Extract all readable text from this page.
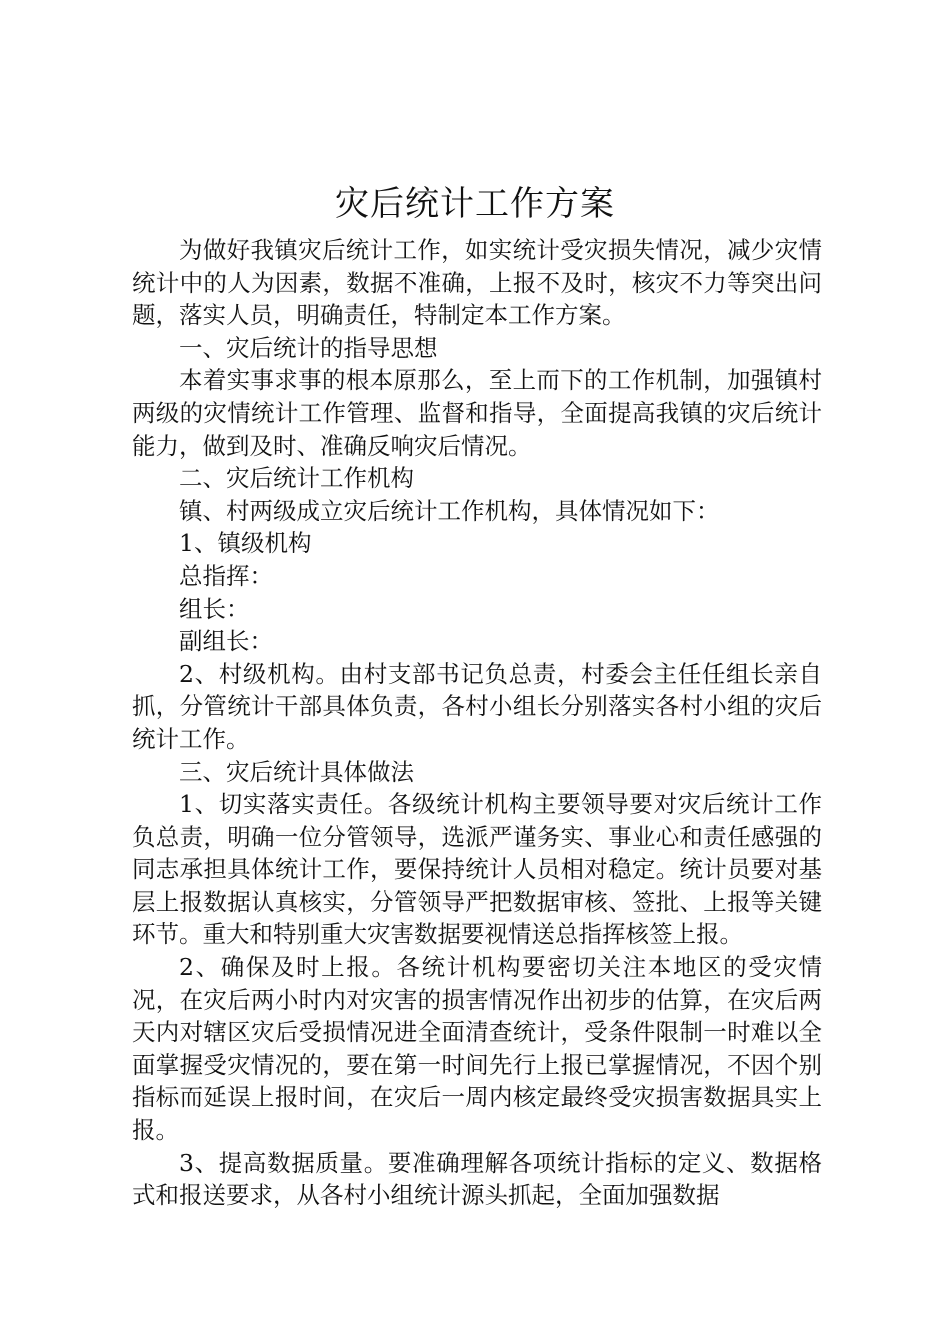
灾后统计工作方案

为做好我镇灾后统计工作，如实统计受灾损失情况，减少灾情统计中的人为因素，数据不准确，上报不及时，核灾不力等突出问题，落实人员，明确责任，特制定本工作方案。

一、灾后统计的指导思想

本着实事求事的根本原那么，至上而下的工作机制，加强镇村两级的灾情统计工作管理、监督和指导，全面提高我镇的灾后统计能力，做到及时、准确反响灾后情况。

二、灾后统计工作机构

镇、村两级成立灾后统计工作机构，具体情况如下：

1、镇级机构

总指挥：

组长：

副组长：

2、村级机构。由村支部书记负总责，村委会主任任组长亲自抓，分管统计干部具体负责，各村小组长分别落实各村小组的灾后统计工作。

三、灾后统计具体做法

1、切实落实责任。各级统计机构主要领导要对灾后统计工作负总责，明确一位分管领导，选派严谨务实、事业心和责任感强的同志承担具体统计工作，要保持统计人员相对稳定。统计员要对基层上报数据认真核实，分管领导严把数据审核、签批、上报等关键环节。重大和特别重大灾害数据要视情送总指挥核签上报。

2、确保及时上报。各统计机构要密切关注本地区的受灾情况，在灾后两小时内对灾害的损害情况作出初步的估算，在灾后两天内对辖区灾后受损情况进全面清查统计，受条件限制一时难以全面掌握受灾情况的，要在第一时间先行上报已掌握情况，不因个别指标而延误上报时间，在灾后一周内核定最终受灾损害数据具实上报。

3、提高数据质量。要准确理解各项统计指标的定义、数据格式和报送要求，从各村小组统计源头抓起，全面加强数据
